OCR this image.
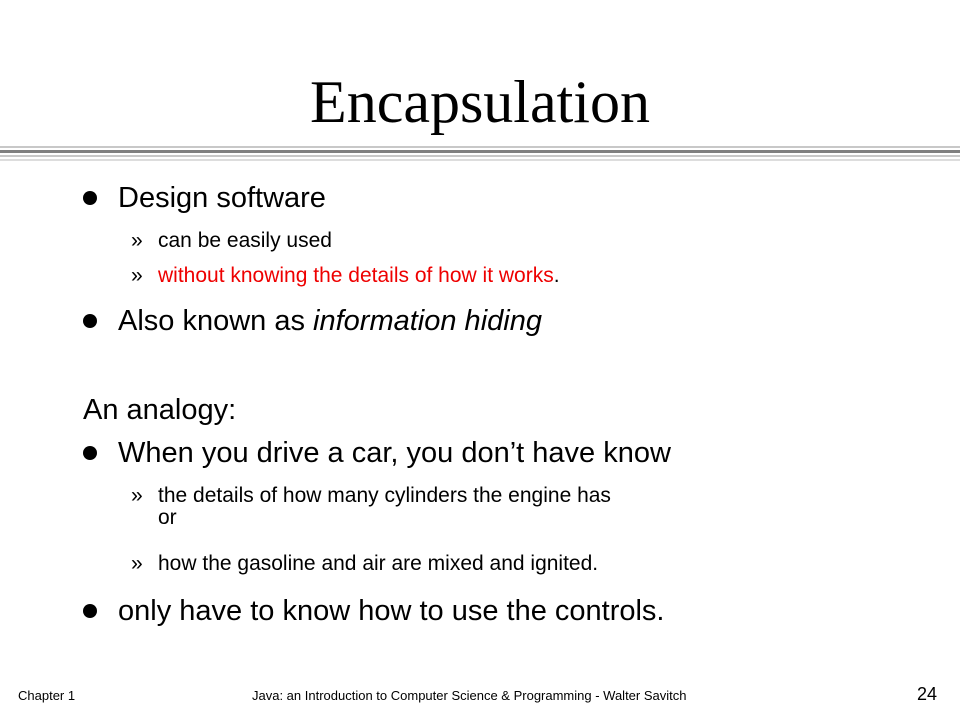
Encapsulation
Design software
» can be easily used
» without knowing the details of how it works.
Also known as information hiding
An analogy:
When you drive a car, you don’t have know
» the details of how many cylinders the engine has
or
» how the gasoline and air are mixed and ignited.
only have to know how to use the controls.
Chapter 1	Java: an Introduction to Computer Science & Programming - Walter Savitch	24
